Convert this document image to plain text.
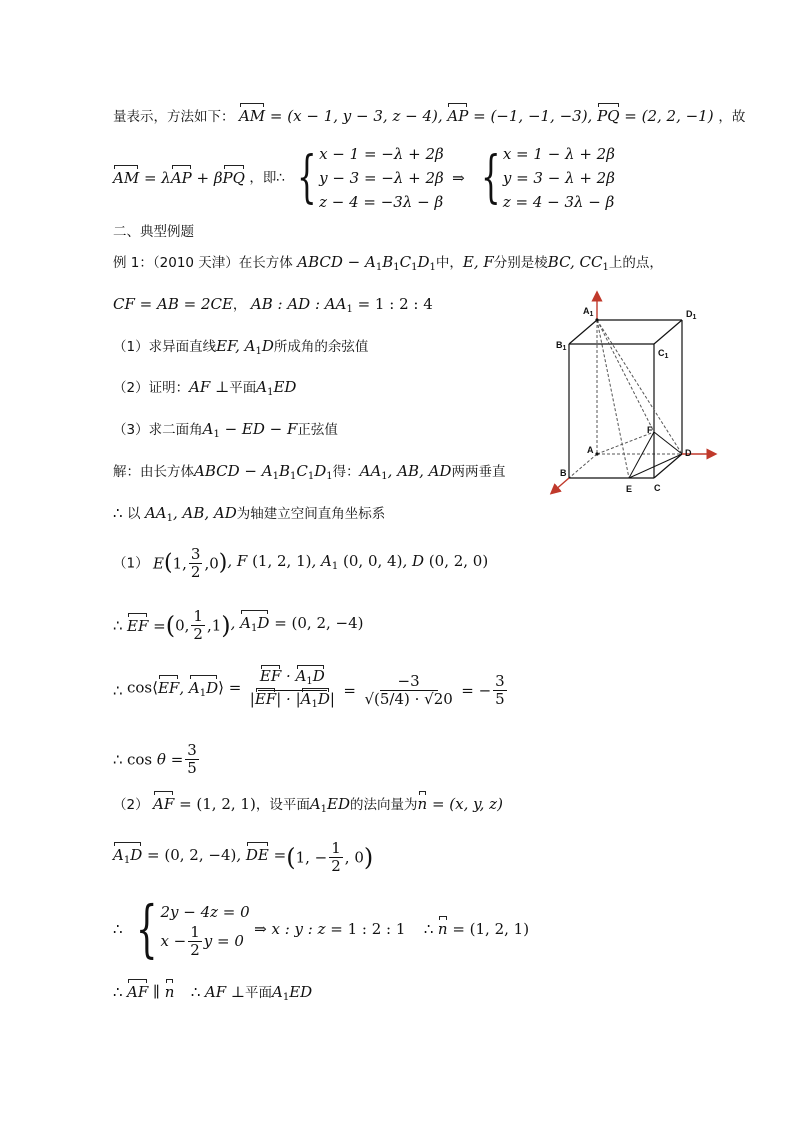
量表示，方法如下： AM = (x − 1, y − 3, z − 4), AP = (−1, −1, −3), PQ = (2, 2, −1) ，故
AM = λAP + βPQ ，即∴ { x − 1 = −λ + 2β
y − 3 = −λ + 2β
z − 4 = −3λ − β
⇒ { x = 1 − λ + 2β
y = 3 − λ + 2β
z = 4 − 3λ − β
二、典型例题
例 1：（2010 天津）在长方体 ABCD − $A_1B_1C_1D_1$中，E, F分别是棱BC, $CC_1$上的点，
CF = AB = 2CE， AB : AD : $AA_1 = 1$ : 2 : 4
（1）求异面直线EF, $A_1D$所成角的余弦值
（2）证明：AF ⊥平面$A_1ED$
（3）求二面角$A_1$ − ED − F正弦值
解：由长方体ABCD − $A_1B_1C_1D_1$得：$AA_1$, AB, AD两两垂直
∴ 以 $AA_1$, AB, AD为轴建立空间直角坐标系
（1） E(1, $\frac{3}{2} ,0$), F (1, 2, 1), $A_1$ (0, 0, 4), D (0, 2, 0)
∴ EF =(0, $\frac{1}{2} ,1$), $A_1D = (0$, 2, −4)
∴ cos⟨EF, $A_1D⟩ = \frac{EF \cdot A_1D}{|EF| \cdot |A_1D|} = \frac{-3}{√(5/4) \cdot √20}$ = − $\frac{3}{5}$
∴ $\cos \theta = \frac{3}{5}$
（2） AF = (1, 2, 1)，设平面$A_1ED$的法向量为n = (x, y, z)
$A_1D = (0$, 2, −4), DE =(1, − $\frac{1}{2}$ , 0)
∴ { 2y − 4z = 0
$x - \frac{1}{2}$ y = 0
⇒ x : y : z = 1 : 2 : 1 ∴ n = (1, 2, 1)
∴ AF ∥ n ∴ AF ⊥平面$A_1ED$
$A_1$	$D_1$
$B_1$	$C_1$
A	D
B
C
E
F
